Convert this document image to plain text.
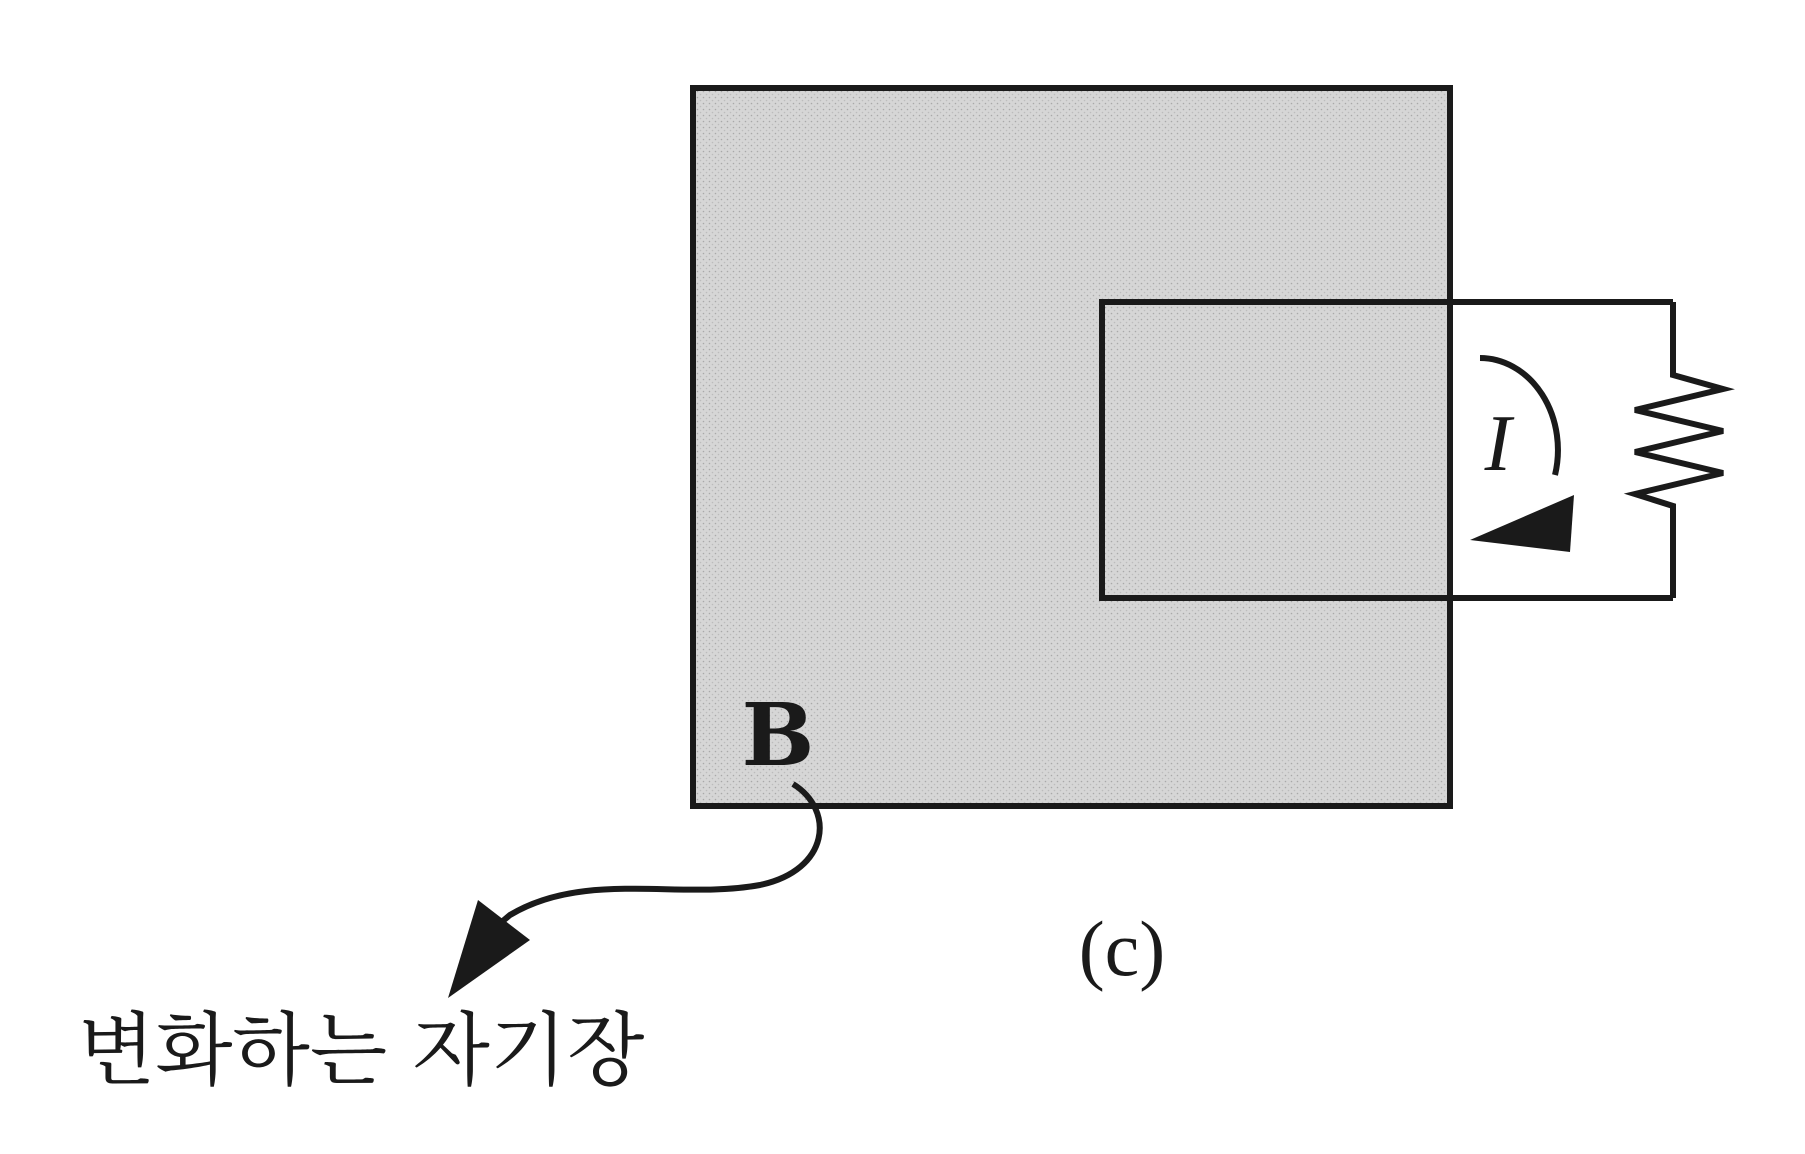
B
I
(c)
변화하는 자기장
